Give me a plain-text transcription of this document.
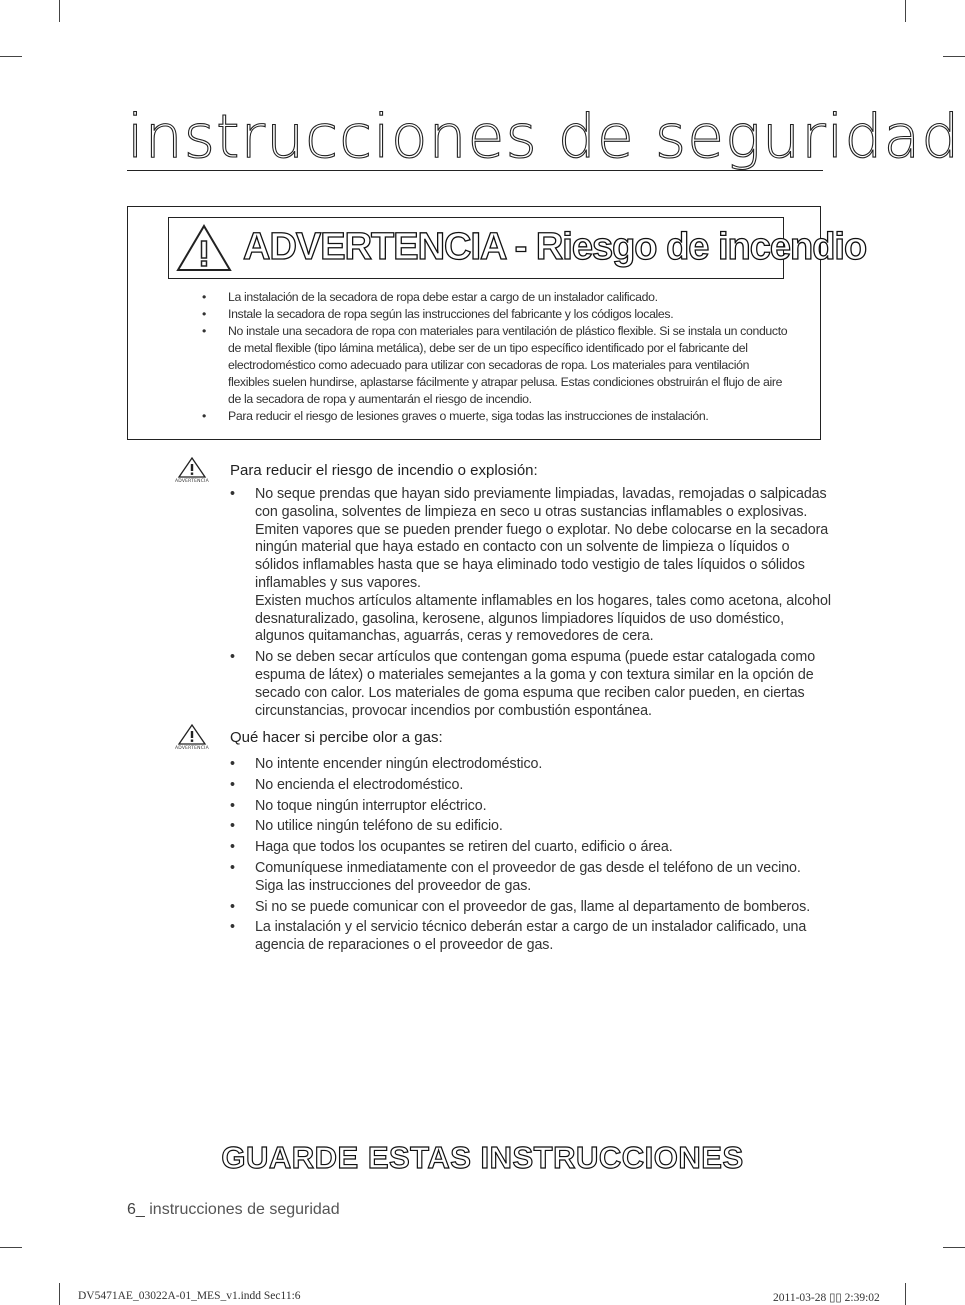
instrucciones de seguridad
ADVERTENCIA - Riesgo de incendio
• La instalación de la secadora de ropa debe estar a cargo de un instalador calificado.
• Instale la secadora de ropa según las instrucciones del fabricante y los códigos locales.
• No instale una secadora de ropa con materiales para ventilación de plástico flexible. Si se instala un conducto de metal flexible (tipo lámina metálica), debe ser de un tipo específico identificado por el fabricante del electrodoméstico como adecuado para utilizar con secadoras de ropa. Los materiales para ventilación flexibles suelen hundirse, aplastarse fácilmente y atrapar pelusa. Estas condiciones obstruirán el flujo de aire de la secadora de ropa y aumentarán el riesgo de incendio.
• Para reducir el riesgo de lesiones graves o muerte, siga todas las instrucciones de instalación.
ADVERTENCIA
Para reducir el riesgo de incendio o explosión:

• No seque prendas que hayan sido previamente limpiadas, lavadas, remojadas o salpicadas con gasolina, solventes de limpieza en seco u otras sustancias inflamables o explosivas. Emiten vapores que se pueden prender fuego o explotar. No debe colocarse en la secadora ningún material que haya estado en contacto con un solvente de limpieza o líquidos o sólidos inflamables hasta que se haya eliminado todo vestigio de tales líquidos o sólidos inflamables y sus vapores.

Existen muchos artículos altamente inflamables en los hogares, tales como acetona, alcohol desnaturalizado, gasolina, kerosene, algunos limpiadores líquidos de uso doméstico, algunos quitamanchas, aguarrás, ceras y removedores de cera.

• No se deben secar artículos que contengan goma espuma (puede estar catalogada como espuma de látex) o materiales semejantes a la goma y con textura similar en la opción de secado con calor. Los materiales de goma espuma que reciben calor pueden, en ciertas circunstancias, provocar incendios por combustión espontánea.

ADVERTENCIA
Qué hacer si percibe olor a gas:
• No intente encender ningún electrodoméstico.
• No encienda el electrodoméstico.
• No toque ningún interruptor eléctrico.
• No utilice ningún teléfono de su edificio.
• Haga que todos los ocupantes se retiren del cuarto, edificio o área.
• Comuníquese inmediatamente con el proveedor de gas desde el teléfono de un vecino. Siga las instrucciones del proveedor de gas.
• Si no se puede comunicar con el proveedor de gas, llame al departamento de bomberos.
• La instalación y el servicio técnico deberán estar a cargo de un instalador calificado, una agencia de reparaciones o el proveedor de gas.
GUARDE ESTAS INSTRUCCIONES
6_ instrucciones de seguridad
DV5471AE_03022A-01_MES_v1.indd Sec11:6	2011-03-28 ▯▯ 2:39:02
